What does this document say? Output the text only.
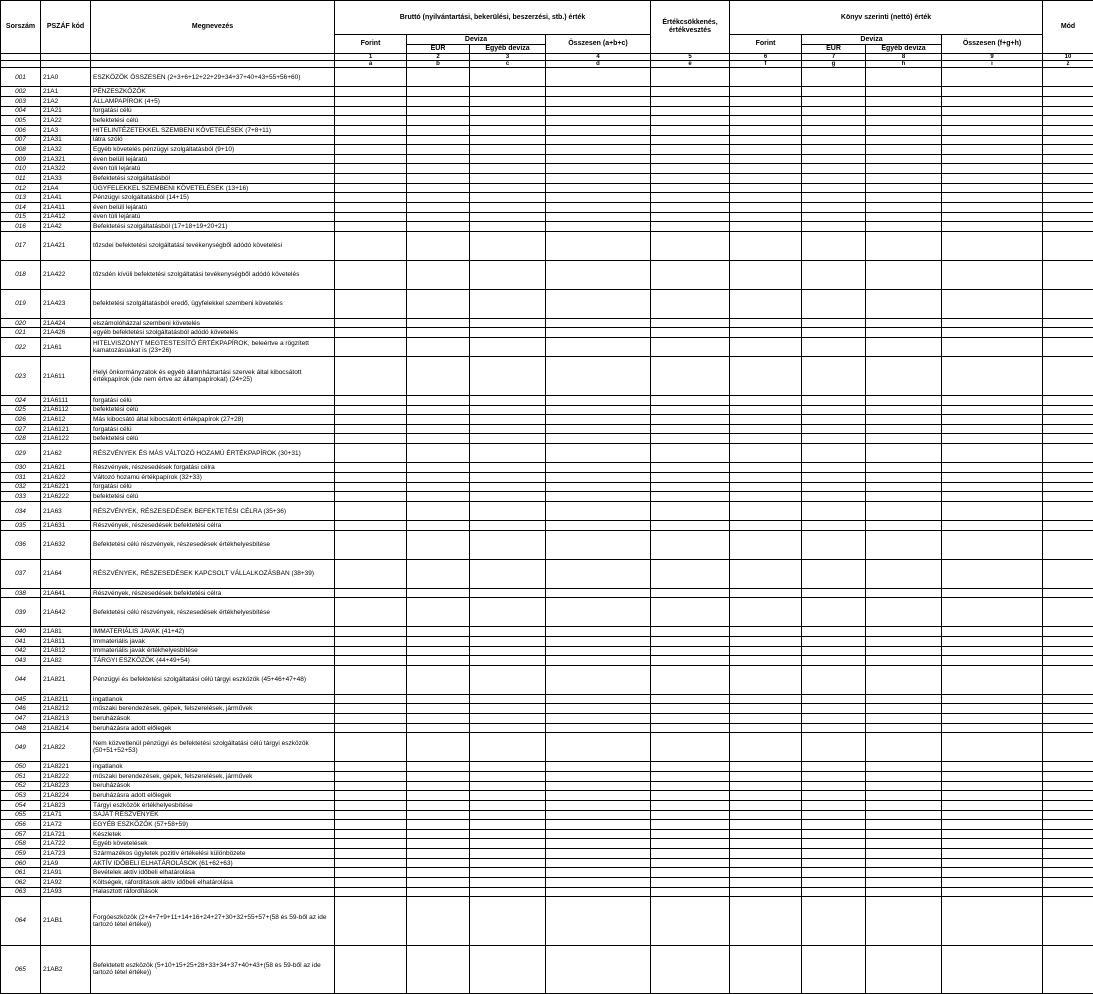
Sorszám	PSZÁF kód	Megnevezés	Bruttó (nyilvántartási, bekerülési, beszerzési, stb.) érték				Értékcsökkenés, értékvesztés	Könyv szerinti (nettó) érték				Mód
			Forint	Deviza		Összesen (a+b+c)		Forint	Deviza		Összesen (f+g+h)	
				EUR	Egyéb deviza				EUR	Egyéb deviza		
			1	2	3	4	5	6	7	8	9	10
			a	b	c	d	e	f	g	h	i	z
001	21A0	ESZKÖZÖK ÖSSZESEN (2+3+6+12+22+29+34+37+40+43+55+56+60)										
002	21A1	PÉNZESZKÖZÖK										
003	21A2	ÁLLAMPAPÍROK (4+5)										
004	21A21	forgatási célú										
005	21A22	befektetési célú										
006	21A3	HITELINTÉZETEKKEL SZEMBENI KÖVETELÉSEK (7+8+11)										
007	21A31	látra szóló										
008	21A32	Egyéb követelés pénzügyi szolgáltatásból (9+10)										
009	21A321	éven belüli lejáratú										
010	21A322	éven túli lejáratú										
011	21A33	Befektetési szolgáltatásból										
012	21A4	ÜGYFELEKKEL SZEMBENI KÖVETELÉSEK (13+16)										
013	21A41	Pénzügyi szolgáltatásból (14+15)										
014	21A411	éven belüli lejáratú										
015	21A412	éven túli lejáratú										
016	21A42	Befektetési szolgáltatásból (17+18+19+20+21)										
017	21A421	tőzsdei befektetési szolgáltatási tevékenységből adódó követelési										
018	21A422	tőzsdén kívüli befektetési szolgáltatási tevékenységből adódó követelés										
019	21A423	befektetési szolgáltatásból eredő, ügyfelekkel szembeni követelés										
020	21A424	elszámolóházzal szembeni követelés										
021	21A426	egyéb befektetési szolgáltatásból adódó követelés										
022	21A61	HITELVISZONYT MEGTESTESÍTŐ ÉRTÉKPAPÍROK, beleértve a rögzített kamatozásúakat is (23+26)										
023	21A611	Helyi önkormányzatok és egyéb államháztartási szervek által kibocsátott értékpapírok (ide nem értve az állampapírokat) (24+25)										
024	21A6111	forgatási célú										
025	21A6112	befektetési célú										
026	21A612	Más kibocsátó által kibocsátott értékpapírok (27+28)										
027	21A6121	forgatási célú										
028	21A6122	befektetési célú										
029	21A62	RÉSZVÉNYEK ÉS MÁS VÁLTOZÓ HOZAMÚ ÉRTÉKPAPÍROK (30+31)										
030	21A621	Részvények, részesedések forgatási célra										
031	21A622	Változó hozamú értékpapírok (32+33)										
032	21A6221	forgatási célú										
033	21A6222	befektetési célú										
034	21A63	RÉSZVÉNYEK, RÉSZESEDÉSEK BEFEKTETÉSI CÉLRA (35+36)										
035	21A631	Részvények, részesedések befektetési célra										
036	21A632	Befektetési célú részvények, részesedések értékhelyesbítése										
037	21A64	RÉSZVÉNYEK, RÉSZESEDÉSEK KAPCSOLT VÁLLALKOZÁSBAN (38+39)										
038	21A641	Részvények, részesedések befektetési célra										
039	21A642	Befektetési célú részvények, részesedések értékhelyesbítése										
040	21A81	IMMATERIÁLIS JAVAK (41+42)										
041	21A811	Immateriális javak										
042	21A812	Immateriális javak értékhelyesbítése										
043	21A82	TÁRGYI ESZKÖZÖK (44+49+54)										
044	21A821	Pénzügyi és befektetési szolgáltatási célú tárgyi eszközök (45+46+47+48)										
045	21A8211	ingatlanok										
046	21A8212	műszaki berendezések, gépek, felszerelések, járművek										
047	21A8213	beruházások										
048	21A8214	beruházásra adott előlegek										
049	21A822	Nem közvetlenül pénzügyi és befektetési szolgáltatási célú tárgyi eszközök (50+51+52+53)										
050	21A8221	ingatlanok										
051	21A8222	műszaki berendezések, gépek, felszerelések, járművek										
052	21A8223	beruházások										
053	21A8224	beruházásra adott előlegek										
054	21A823	Tárgyi eszközök értékhelyesbítése										
055	21A71	SAJÁT RÉSZVÉNYEK										
056	21A72	EGYÉB ESZKÖZÖK (57+58+59)										
057	21A721	Készletek										
058	21A722	Egyéb követelések										
059	21A723	Származékos ügyletek pozitív értékelési különbözete										
060	21A9	AKTÍV IDŐBELI ELHATÁROLÁSOK (61+62+63)										
061	21A91	Bevételek aktív időbeli elhatárolása										
062	21A92	Költségek, ráfordítások aktív időbeli elhatárolása										
063	21A93	Halasztott ráfordítások										
064	21AB1	Forgóeszközök (2+4+7+9+11+14+16+24+27+30+32+55+57+(58 és 59-ből az ide tartozó tétel értéke))										
065	21AB2	Befektetett eszközök (5+10+15+25+28+33+34+37+40+43+(58 és 59-ből az ide tartozó tétel értéke))										
